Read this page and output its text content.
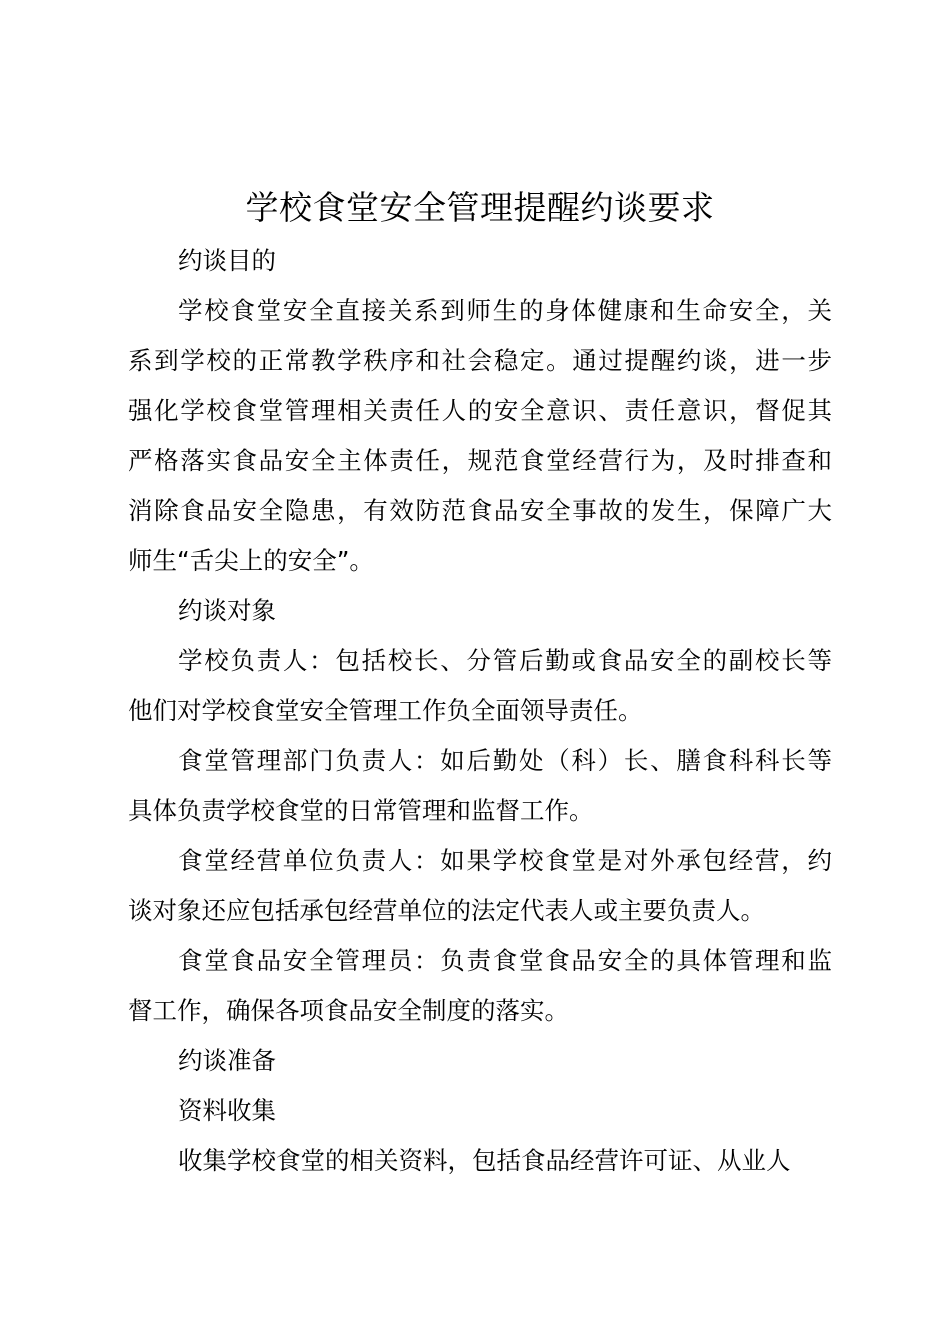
学校食堂安全管理提醒约谈要求

约谈目的

学校食堂安全直接关系到师生的身体健康和生命安全，关
系到学校的正常教学秩序和社会稳定。通过提醒约谈，进一步
强化学校食堂管理相关责任人的安全意识、责任意识，督促其
严格落实食品安全主体责任，规范食堂经营行为，及时排查和
消除食品安全隐患，有效防范食品安全事故的发生，保障广大
师生“舌尖上的安全”。

约谈对象

学校负责人：包括校长、分管后勤或食品安全的副校长等
他们对学校食堂安全管理工作负全面领导责任。
食堂管理部门负责人：如后勤处（科）长、膳食科科长等
具体负责学校食堂的日常管理和监督工作。
食堂经营单位负责人：如果学校食堂是对外承包经营，约
谈对象还应包括承包经营单位的法定代表人或主要负责人。
食堂食品安全管理员：负责食堂食品安全的具体管理和监
督工作，确保各项食品安全制度的落实。

约谈准备

资料收集

收集学校食堂的相关资料，包括食品经营许可证、从业人
